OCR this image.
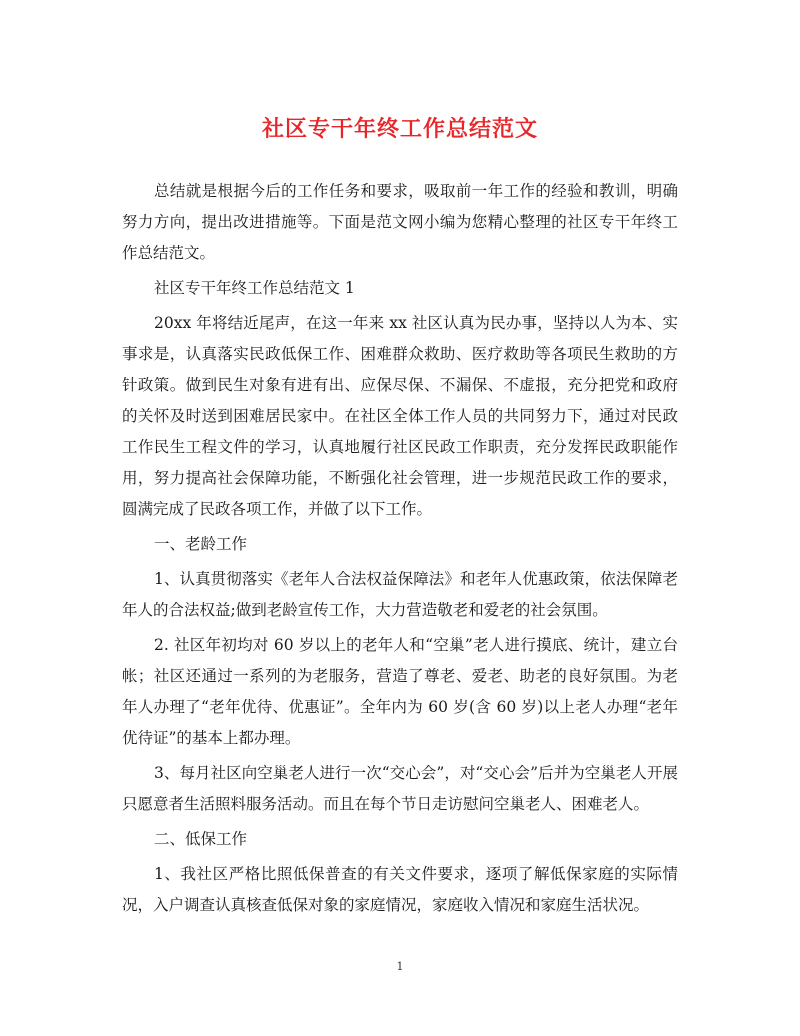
社区专干年终工作总结范文

总结就是根据今后的工作任务和要求，吸取前一年工作的经验和教训，明确努力方向，提出改进措施等。下面是范文网小编为您精心整理的社区专干年终工作总结范文。

社区专干年终工作总结范文 1

20xx 年将结近尾声，在这一年来 xx 社区认真为民办事，坚持以人为本、实事求是，认真落实民政低保工作、困难群众救助、医疗救助等各项民生救助的方针政策。做到民生对象有进有出、应保尽保、不漏保、不虚报，充分把党和政府的关怀及时送到困难居民家中。在社区全体工作人员的共同努力下，通过对民政工作民生工程文件的学习，认真地履行社区民政工作职责，充分发挥民政职能作用，努力提高社会保障功能，不断强化社会管理，进一步规范民政工作的要求，圆满完成了民政各项工作，并做了以下工作。

一、老龄工作

1、认真贯彻落实《老年人合法权益保障法》和老年人优惠政策，依法保障老年人的合法权益;做到老龄宣传工作，大力营造敬老和爱老的社会氛围。

2. 社区年初均对 60 岁以上的老年人和“空巢”老人进行摸底、统计，建立台帐；社区还通过一系列的为老服务，营造了尊老、爱老、助老的良好氛围。为老年人办理了“老年优待、优惠证”。全年内为 60 岁(含 60 岁)以上老人办理“老年优待证”的基本上都办理。

3、每月社区向空巢老人进行一次“交心会”，对“交心会”后并为空巢老人开展只愿意者生活照料服务活动。而且在每个节日走访慰问空巢老人、困难老人。

二、低保工作

1、我社区严格比照低保普查的有关文件要求，逐项了解低保家庭的实际情况，入户调查认真核查低保对象的家庭情况，家庭收入情况和家庭生活状况。

1
